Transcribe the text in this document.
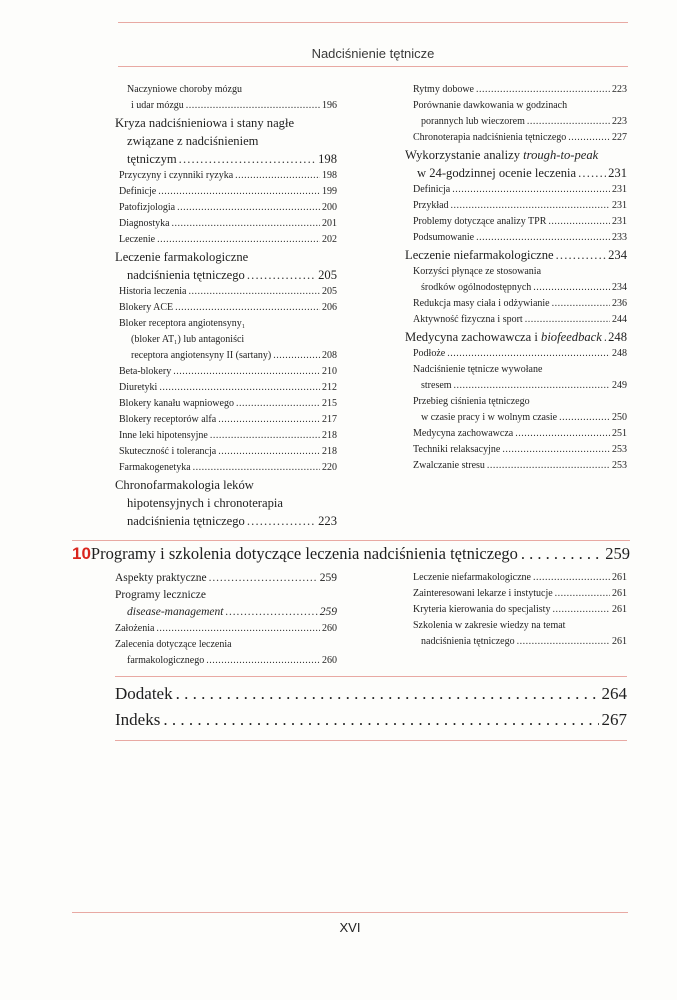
Nadciśnienie tętnicze
Naczyniowe choroby mózgu
i udar mózgu . . .	196
Kryza nadciśnieniowa i stany nagłe
związane z nadciśnieniem
tętniczym . . .	198
Przyczyny i czynniki ryzyka . . .	198
Definicje . . .	199
Patofizjologia . . .	200
Diagnostyka . . .	201
Leczenie . . .	202
Leczenie farmakologiczne
nadciśnienia tętniczego . . .	205
Historia leczenia . . .	205
Blokery ACE . . .	206
Bloker receptora angiotensyny₁
(bloker AT₁) lub antagoniści
receptora angiotensyny II (sartany) . . .	208
Beta-blokery . . .	210
Diuretyki . . .	212
Blokery kanału wapniowego . . .	215
Blokery receptorów alfa . . .	217
Inne leki hipotensyjne . . .	218
Skuteczność i tolerancja . . .	218
Farmakogenetyka . . .	220
Chronofarmakologia leków
hipotensyjnych i chronoterapia
nadciśnienia tętniczego . . .	223
Rytmy dobowe . . .	223
Porównanie dawkowania w godzinach
porannych lub wieczorem . . .	223
Chronoterapia nadciśnienia tętniczego . . .	227
Wykorzystanie analizy trough-to-peak
w 24-godzinnej ocenie leczenia . . .	231
Definicja . . .	231
Przykład . . .	231
Problemy dotyczące analizy TPR . . .	231
Podsumowanie . . .	233
Leczenie niefarmakologiczne . . .	234
Korzyści płynące ze stosowania
środków ogólnodostępnych . . .	234
Redukcja masy ciała i odżywianie . . .	236
Aktywność fizyczna i sport . . .	244
Medycyna zachowawcza i biofeedback . . . 248
Podłoże . . .	248
Nadciśnienie tętnicze wywołane
stresem . . .	249
Przebieg ciśnienia tętniczego
w czasie pracy i w wolnym czasie . . .	250
Medycyna zachowawcza . . .	251
Techniki relaksacyjne . . .	253
Zwalczanie stresu . . .	253
10 Programy i szkolenia dotyczące leczenia nadciśnienia tętniczego . . .	259
Aspekty praktyczne . . .	259
Programy lecznicze
disease-management . . .	259
Założenia . . .	260
Zalecenia dotyczące leczenia
farmakologicznego . . .	260
Leczenie niefarmakologiczne . . .	261
Zainteresowani lekarze i instytucje . . .	261
Kryteria kierowania do specjalisty . . .	261
Szkolenia w zakresie wiedzy na temat
nadciśnienia tętniczego . . .	261
Dodatek . . .	264
Indeks . . .	267
XVI
